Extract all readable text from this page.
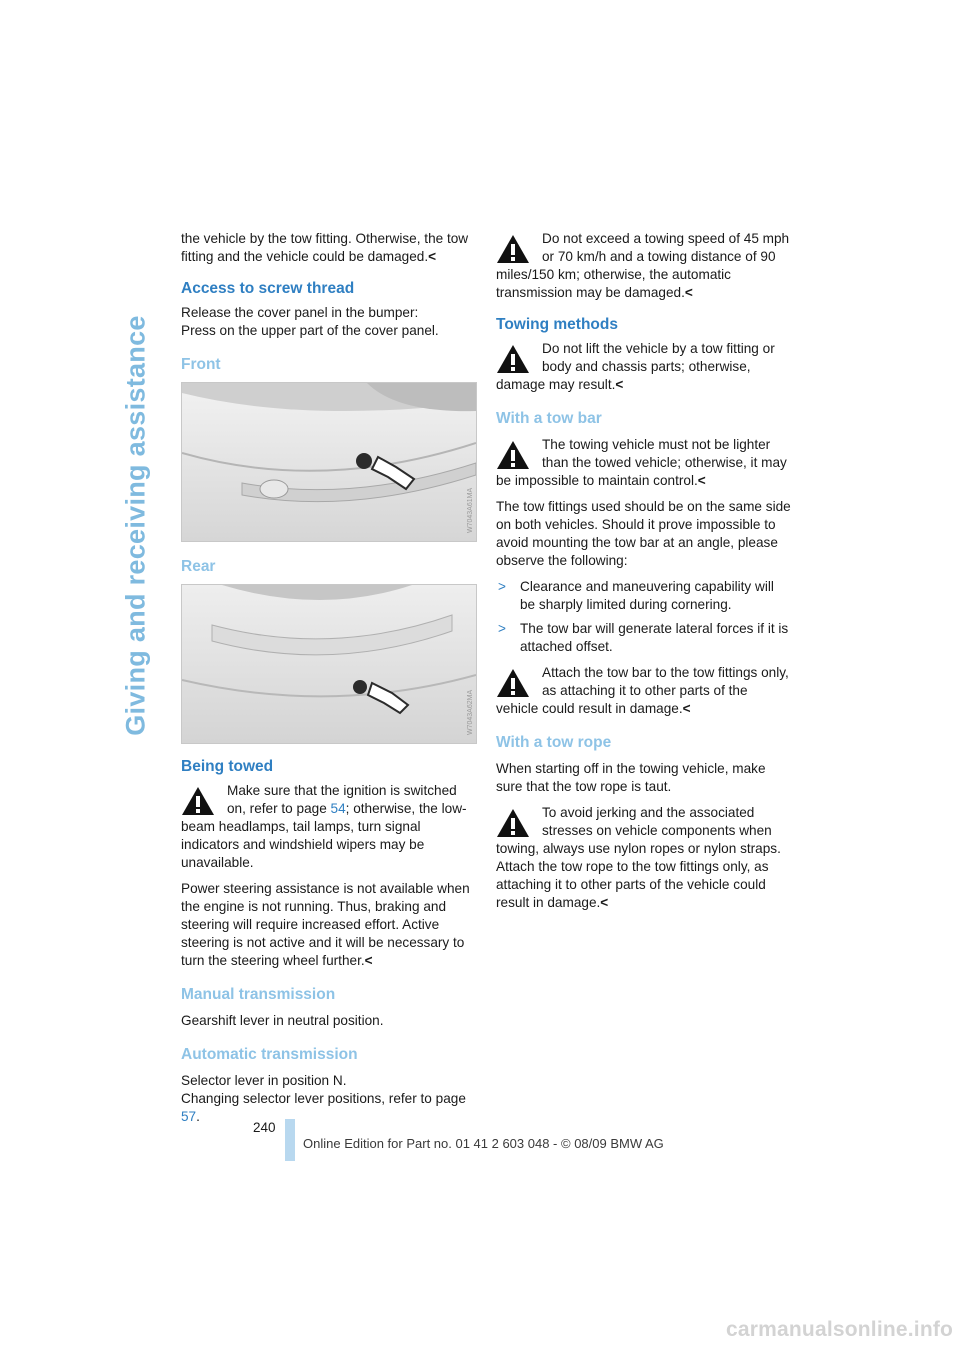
Giving and receiving assistance

the vehicle by the tow fitting. Otherwise, the tow fitting and the vehicle could be damaged.<

Access to screw thread

Release the cover panel in the bumper:
Press on the upper part of the cover panel.

Front
W7043A61MA
Rear
W7043A62MA
Being towed
Make sure that the ignition is switched on, refer to page 54; otherwise, the low-beam headlamps, tail lamps, turn signal indicators and windshield wipers may be unavailable.

Power steering assistance is not available when the engine is not running. Thus, braking and steering will require increased effort. Active steering is not active and it will be necessary to turn the steering wheel further.<

Manual transmission

Gearshift lever in neutral position.

Automatic transmission

Selector lever in position N.
Changing selector lever positions, refer to page 57.

Do not exceed a towing speed of 45 mph or 70 km/h and a towing distance of 90 miles/150 km; otherwise, the automatic transmission may be damaged.<
Towing methods
Do not lift the vehicle by a tow fitting or body and chassis parts; otherwise, damage may result.<
With a tow bar
The towing vehicle must not be lighter than the towed vehicle; otherwise, it may be impossible to maintain control.<

The tow fittings used should be on the same side on both vehicles. Should it prove impossible to avoid mounting the tow bar at an angle, please observe the following:

> Clearance and maneuvering capability will be sharply limited during cornering.
> The tow bar will generate lateral forces if it is attached offset.
Attach the tow bar to the tow fittings only, as attaching it to other parts of the vehicle could result in damage.<
With a tow rope

When starting off in the towing vehicle, make sure that the tow rope is taut.

To avoid jerking and the associated stresses on vehicle components when towing, always use nylon ropes or nylon straps. Attach the tow rope to the tow fittings only, as attaching it to other parts of the vehicle could result in damage.<
240
Online Edition for Part no. 01 41 2 603 048 - © 08/09 BMW AG
carmanualsonline.info
